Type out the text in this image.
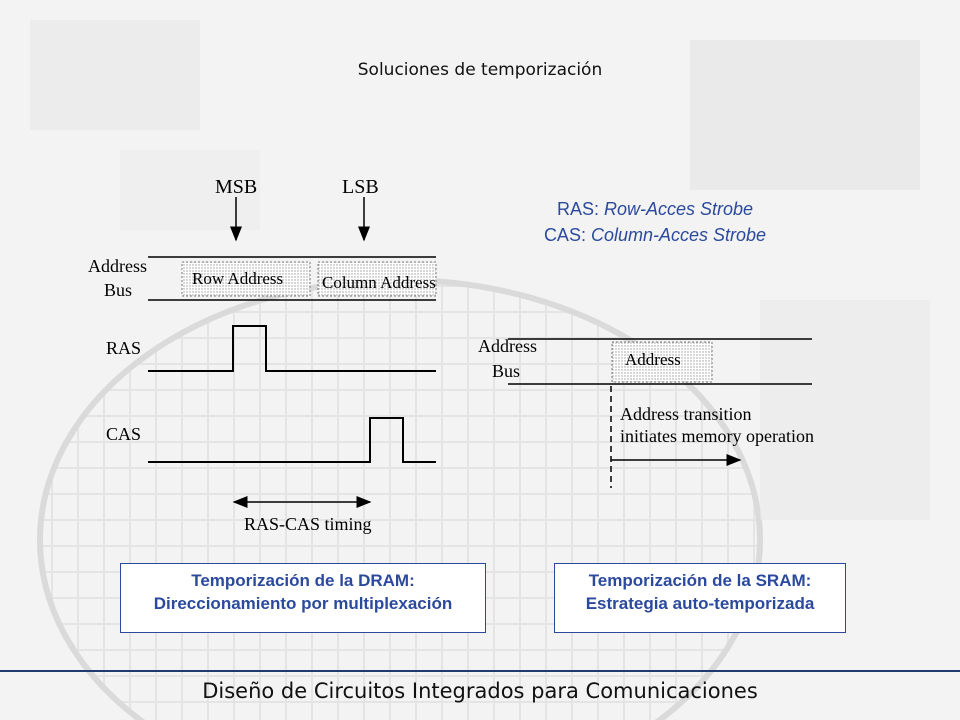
Soluciones de temporización
MSB	LSB
Address
Bus
Row Address Column Address
RAS
CAS
RAS-CAS timing
Address
Bus
Address
Address transition
initiates memory operation
RAS: Row-Acces Strobe
CAS: Column-Acces Strobe
Temporización de la DRAM:
Direccionamiento por multiplexación
Temporización de la SRAM:
Estrategia auto-temporizada
Diseño de Circuitos Integrados para Comunicaciones
